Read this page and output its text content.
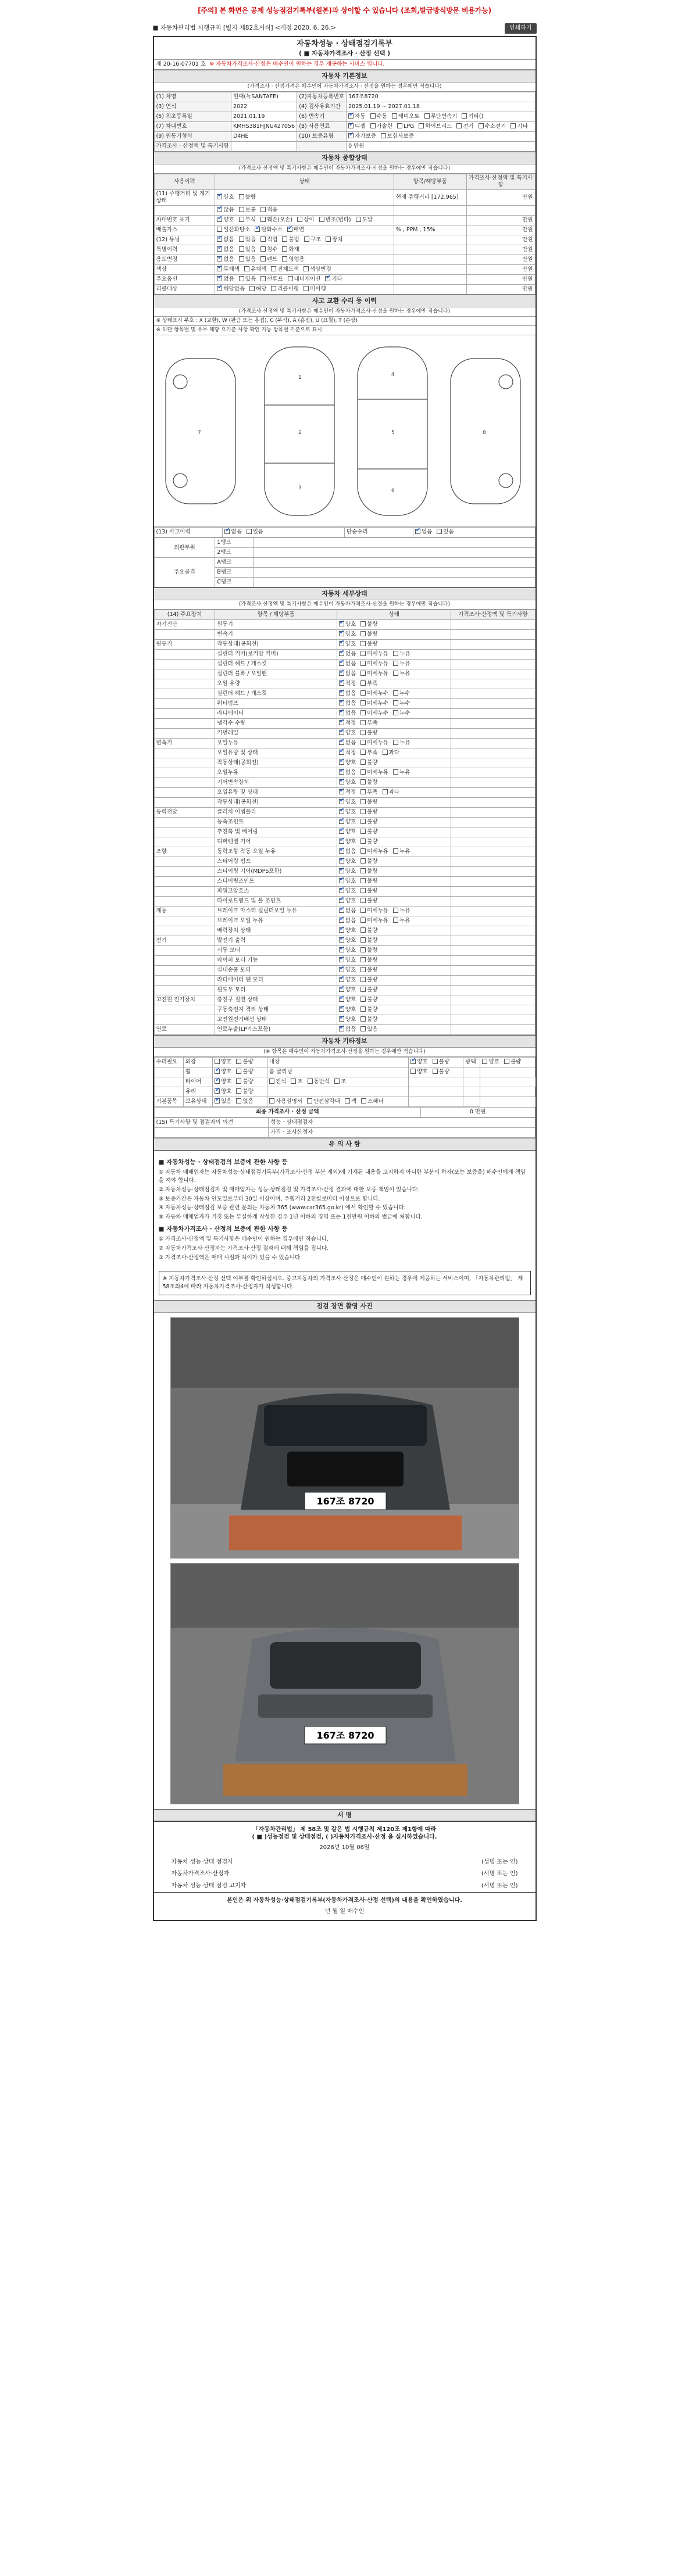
[주의] 본 화면은 공제 성능점검기록부(원본)과 상이할 수 있습니다 (조회,발급방식방문 비용가능)
■ 자동차관리법 시행규칙 [별지 제82호서식] <개정 2020. 6. 26.>	인쇄하기
자동차성능 · 상태점검기록부
( ■ 자동차가격조사 · 산정 선택 )
제 20-16-07701 호 ※ 자동차가격조사·산정은 매수인이 원하는 경우 제공하는 서비스 입니다.
자동차 기본정보
(가격조사 · 산정가격은 매수인이 자동차가격조사 · 산정을 원하는 경우에만 적습니다)
(1) 차명	현대(뉴SANTAFE)	(2)자동차등록번호	167조8720
(3) 연식	2022	(4) 검사유효기간	2025.01.19 ~ 2027.01.18
(5) 최초등록일	2021.01.19	(6) 변속기	✔자동 수동 세미오토 무단변속기 기타()
(7) 차대번호	KMHS381HJNU427056	(8) 사용연료	✔디젤 가솔린 LPG 하이브리드 전기 수소전기 기타
(9) 원동기형식	D4HE	(10) 보증유형	✔자가보증 보험사보증
가격조사 · 산정액 및 특기사항			0 만원
자동차 종합상태
(가격조사·산정액 및 특기사항은 매수인이 자동차가격조사·산정을 원하는 경우에만 적습니다)
사용이력	상태	항목/해당부품	가격조사·산정액 및 특기사항
(11) 주행거리 및 계기상태	✔양호 불량	현재 주행거리 [172,965]	만원
	✔많음 보통 적음		
차대번호 표기	✔양호 부식 훼손(오손) 상이 변조(변타) 도말		만원
배출가스	일산화탄소 ✔ 탄화수소 ✔ 매연	% , PPM , 15%	만원
(12) 튜닝	✔없음 있음 적법 불법 구조 장치		만원
특별이력	✔없음 있음 침수 화재		만원
용도변경	✔없음 있음 렌트 영업용		만원
색상	✔무채색 유채색 전체도색 색상변경		만원
주요옵션	✔없음 있음 선루프 내비게이션 ✔ 기타		만원
리콜대상	✔해당없음 해당 리콜이행 미이행		만원
사고 교환 수리 등 이력
(가격조사·산정액 및 특기사항은 매수인이 자동차가격조사·산정을 원하는 경우에만 적습니다)
※ 상태표시 부호 : X (교환), W (판금 또는 용접), C (부식), A (흠집), U (요철), T (손상)
※ 하단 항목별 및 유무 해당 요기준 사항 확인 가능 항목별 기준으로 표시
1
2
3
4
5
6
7	8
(13) 사고이력	✔없음 있음	단순수리	✔없음 있음
외판부위	1랭크	
	2랭크	
주요골격	A랭크	
	B랭크	
	C랭크	
자동차 세부상태
(가격조사·산정액 및 특기사항은 매수인이 자동차가격조사·산정을 원하는 경우에만 적습니다)
(14) 주요장치	항목 / 해당부품	상태	가격조사·산정액 및 특기사항
자기진단	원동기	✔양호 불량	
	변속기	✔양호 불량	
원동기	작동상태(공회전)	✔양호 불량	
	실린더 커버(로커암 커버)	✔없음 미세누유 누유	
	실린더 헤드 / 개스킷	✔없음 미세누유 누유	
	실린더 블록 / 오일팬	✔없음 미세누유 누유	
	오일 유량	✔적정 부족	
	실린더 헤드 / 개스킷	✔없음 미세누수 누수	
	워터펌프	✔없음 미세누수 누수	
	라디에이터	✔없음 미세누수 누수	
	냉각수 수량	✔적정 부족	
	커먼레일	✔양호 불량	
변속기	오일누유	✔없음 미세누유 누유	
	오일유량 및 상태	✔적정 부족 과다	
	작동상태(공회전)	✔양호 불량	
	오일누유	✔없음 미세누유 누유	
	기어변속장치	✔양호 불량	
	오일유량 및 상태	✔적정 부족 과다	
	작동상태(공회전)	✔양호 불량	
동력전달	클러치 어셈블리	✔양호 불량	
	등속조인트	✔양호 불량	
	추진축 및 베어링	✔양호 불량	
	디퍼렌셜 기어	✔양호 불량	
조향	동력조향 작동 오일 누유	✔없음 미세누유 누유	
	스티어링 펌프	✔양호 불량	
	스티어링 기어(MDPS포함)	✔양호 불량	
	스티어링조인트	✔양호 불량	
	파워고압호스	✔양호 불량	
	타이로드엔드 및 볼 조인트	✔양호 불량	
제동	브레이크 마스터 실린더오일 누유	✔없음 미세누유 누유	
	브레이크 오일 누유	✔없음 미세누유 누유	
	배력장치 상태	✔양호 불량	
전기	발전기 출력	✔양호 불량	
	시동 모터	✔양호 불량	
	와이퍼 모터 기능	✔양호 불량	
	실내송풍 모터	✔양호 불량	
	라디에이터 팬 모터	✔양호 불량	
	윈도우 모터	✔양호 불량	
고전원 전기장치	충전구 절연 상태	✔양호 불량	
	구동축전지 격리 상태	✔양호 불량	
	고전원전기배선 상태	✔양호 불량	
연료	연료누출(LP가스포함)	✔없음 있음	
자동차 기타정보
(※ 항목은 매수인이 자동차가격조사·산정을 원하는 경우에만 적습니다)
수리필요	외장	양호 불량	내장	✔양호 불량	광택	양호 불량
	휠	✔양호 불량	룸 클리닝	양호 불량		
	타이어	✔양호 불량	전석 조 동반석 조			
	유리	✔양호 불량				
기본품목	보유상태	✔있음 없음	사용설명서 안전삼각대 잭 스패너			
최종 가격조사 · 산정 금액	0 만원
(15) 특기사항 및 점검자의 의견	성능 · 상태점검자
	가격 · 조사산정자
유 의 사 항
■ 자동차성능 · 상태점검의 보증에 관한 사항 등

① 자동차 매매업자는 자동차성능·상태점검기록부(가격조사·산정 부분 제외)에 기재된 내용을 고지하지 아니한 부분의 하자(또는 보증을) 매수인에게 책임을 져야 합니다.

② 자동차성능·상태점검자 및 매매업자는 성능·상태점검 및 가격조사·산정 결과에 대한 보증 책임이 있습니다.

③ 보증기간은 자동차 인도일로부터 30일 이상이며, 주행거리 2천킬로미터 이상으로 합니다.

④ 자동차성능·상태점검 보증 관련 문의는 자동차 365 (www.car365.go.kr) 에서 확인할 수 있습니다.

⑤ 자동차 매매업자가 거짓 또는 부실하게 작성한 경우 1년 이하의 징역 또는 1천만원 이하의 벌금에 처합니다.

■ 자동차가격조사 · 산정의 보증에 관한 사항 등

① 가격조사·산정액 및 특기사항은 매수인이 원하는 경우에만 적습니다.

② 자동차가격조사·산정자는 가격조사·산정 결과에 대해 책임을 집니다.

③ 가격조사·산정액은 매매 시점과 차이가 있을 수 있습니다.

※ 자동차가격조사·산정 선택 여부를 확인하십시오. 중고자동차의 가격조사·산정은 매수인이 원하는 경우에 제공하는 서비스이며, 「자동차관리법」 제58조의4에 따라 자동차가격조사·산정자가 작성합니다.
점검 장면 촬영 사진
167조 8720
167조 8720
서 명
「자동차관리법」 제 58조 및 같은 법 시행규칙 제120조 제1항에 따라
( ■ )성능점검 및 상태점검, ( )자동차가격조사·산정 을 실시하였습니다.
2026년 10월 06일
자동차 성능·상태 점검자	(성명 또는 인)
자동차가격조사·산정자	(서명 또는 인)
자동차 성능·상태 점검 고지자	(서명 또는 인)
본인은 위 자동차성능·상태점검기록부(자동차가격조사·산정 선택)의 내용을 확인하였습니다.
년 월 일 매수인
